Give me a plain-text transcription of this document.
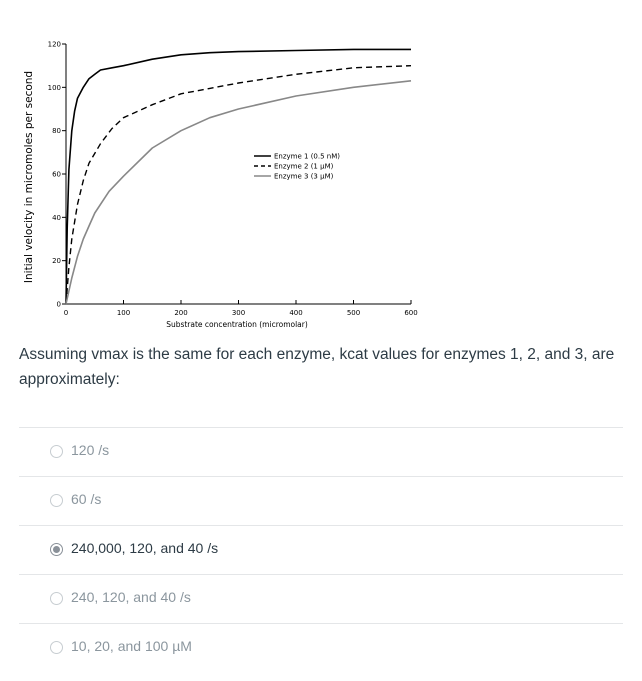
0
20
40
60
80
100
120
0	100	200	300	400	500	600
Enzyme 1 (0.5 nM)
Enzyme 2 (1 µM)
Enzyme 3 (3 µM)
Substrate concentration (micromolar)
Initial velocity in micromoles per second
Assuming vmax is the same for each enzyme, kcat values for enzymes 1, 2, and 3, are approximately:
120 /s
60 /s
240,000, 120, and 40 /s
240, 120, and 40 /s
10, 20, and 100 µM
